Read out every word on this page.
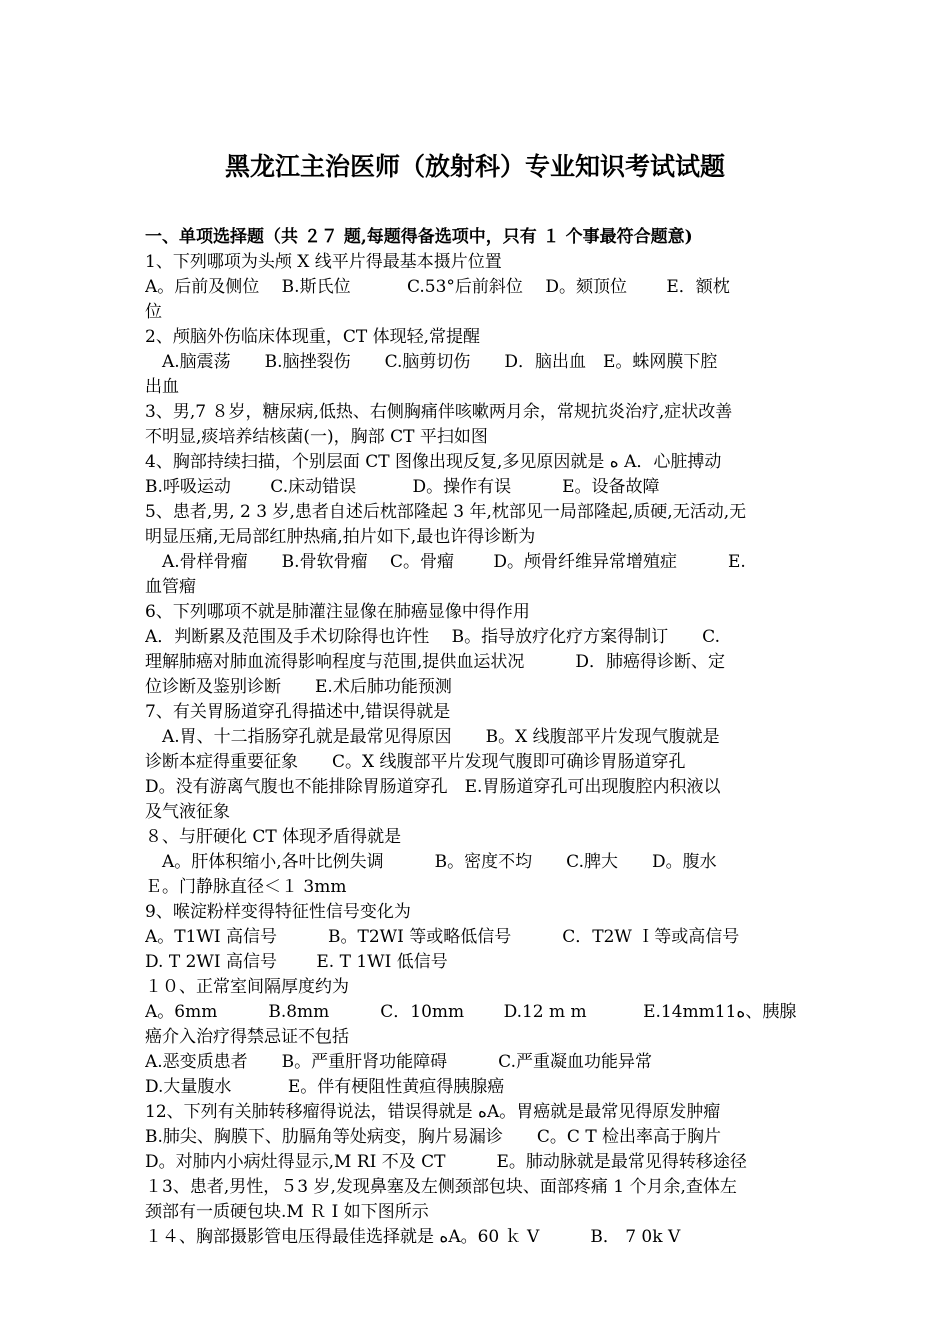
黑龙江主治医师（放射科）专业知识考试试题
一、单项选择题（共 ２７ 题,每题得备选项中，只有 １ 个事最符合题意)
1、下列哪项为头颅 X 线平片得最基本摄片位置
A。后前及侧位　 B.斯氏位　　　 C.53°后前斜位　 D。颏顶位　　 E．额枕
位
2、颅脑外伤临床体现重，CT 体现轻,常提醒
　A.脑震荡　　B.脑挫裂伤　　C.脑剪切伤　　D．脑出血　E。蛛网膜下腔
出血
3、男,7 ８岁，糖尿病,低热、右侧胸痛伴咳嗽两月余，常规抗炎治疗,症状改善
不明显,痰培养结核菌(一)，胸部 CT 平扫如图
4、胸部持续扫描，个别层面 CT 图像出现反复,多见原因就是 ﻩ A．心脏搏动
B.呼吸运动　　 C.床动错误　　　 D。操作有误　　　E。设备故障
5、患者,男, 2 3 岁,患者自述后枕部隆起 3 年,枕部见一局部隆起,质硬,无活动,无
明显压痛,无局部红肿热痛,拍片如下,最也许得诊断为
　A.骨样骨瘤　　B.骨软骨瘤　 C。骨瘤　　 D。颅骨纤维异常增殖症　　　E.
血管瘤
6、下列哪项不就是肺灌注显像在肺癌显像中得作用
A．判断累及范围及手术切除得也许性　 B。指导放疗化疗方案得制订　　C.
理解肺癌对肺血流得影响程度与范围,提供血运状况　　　D．肺癌得诊断、定
位诊断及鉴别诊断　　E.术后肺功能预测
7、有关胃肠道穿孔得描述中,错误得就是
　A.胃、十二指肠穿孔就是最常见得原因　　B。X 线腹部平片发现气腹就是
诊断本症得重要征象　　C。X 线腹部平片发现气腹即可确诊胃肠道穿孔
D。没有游离气腹也不能排除胃肠道穿孔　E.胃肠道穿孔可出现腹腔内积液以
及气液征象
８、与肝硬化 CT 体现矛盾得就是
　A。肝体积缩小,各叶比例失调　　　B。密度不均　　C.脾大　　D。腹水
Ｅ。门静脉直径＜１ 3mm
9、喉淀粉样变得特征性信号变化为
A。T1WI 高信号　　　B。T2WI 等或略低信号　　　C．T2W Ｉ等或高信号
D. T 2WI 高信号　　 E. T 1WI 低信号
１０、正常室间隔厚度约为
A。6mm　　　B.8mm　　　C．10mm　　 D.12 m m　　　 E.14mm11ﻩ、胰腺
癌介入治疗得禁忌证不包括
A.恶变质患者　　B。严重肝肾功能障碍　　　C.严重凝血功能异常
D.大量腹水　　　 E。伴有梗阻性黄疸得胰腺癌
12、下列有关肺转移瘤得说法，错误得就是 ﻩA。胃癌就是最常见得原发肿瘤
B.肺尖、胸膜下、肋膈角等处病变，胸片易漏诊　　C。C T 检出率高于胸片
D。对肺内小病灶得显示,M RI 不及 CT　　　E。肺动脉就是最常见得转移途径
１3、患者,男性，５3 岁,发现鼻塞及左侧颈部包块、面部疼痛 1 个月余,查体左
颈部有一质硬包块.M Ｒ I 如下图所示
１４、胸部摄影管电压得最佳选择就是 ﻩA。60 ｋ V　　　B． 7 0k V
